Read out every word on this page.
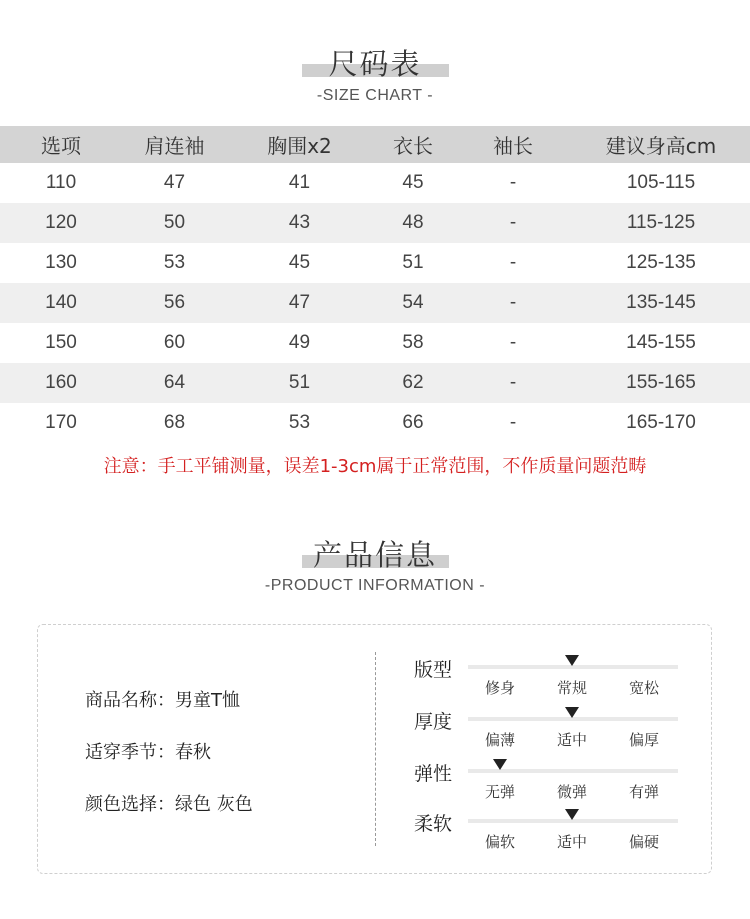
尺码表
-SIZE CHART -
选项	肩连袖	胸围x2	衣长	袖长	建议身高cm
110	47	41	45	-	105-115
120	50	43	48	-	115-125
130	53	45	51	-	125-135
140	56	47	54	-	135-145
150	60	49	58	-	145-155
160	64	51	62	-	155-165
170	68	53	66	-	165-170
注意：手工平铺测量，误差1-3cm属于正常范围，不作质量问题范畴
产品信息
-PRODUCT INFORMATION -
商品名称：男童T恤
适穿季节：春秋
颜色选择：绿色 灰色
版型
修身	常规	宽松
厚度
偏薄	适中	偏厚
弹性
无弹	微弹	有弹
柔软
偏软	适中	偏硬
